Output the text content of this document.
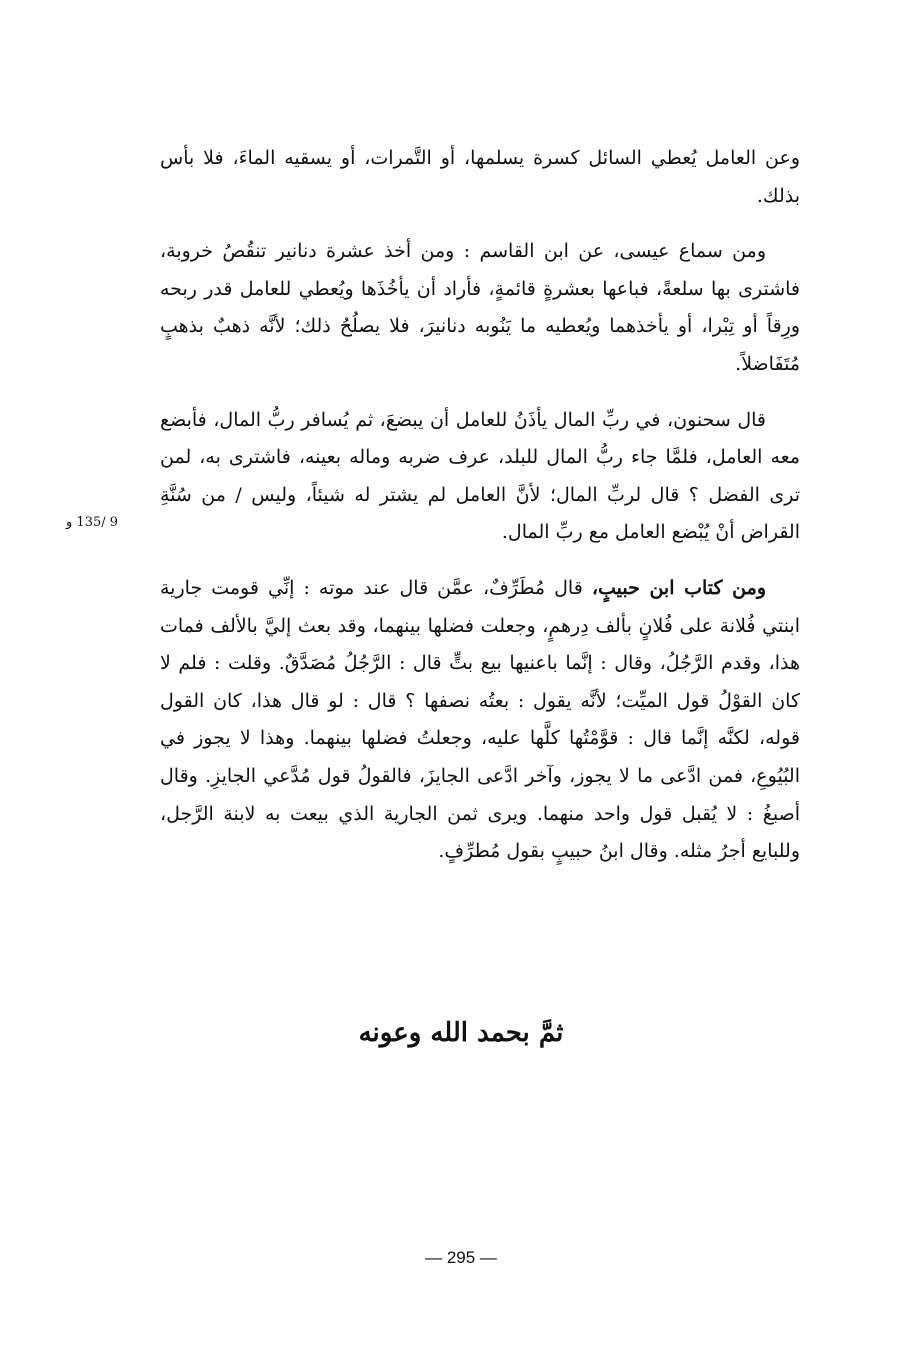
وعن العامل يُعطي السائل كسرة يسلمها، أو التَّمرات، أو يسقيه الماءَ، فلا بأس بذلك.

ومن سماع عيسى، عن ابن القاسم : ومن أخذ عشرة دنانير تنقُصُ خروبة، فاشترى بها سلعةً، فباعها بعشرةٍ قائمةٍ، فأراد أن يأخُذَها ويُعطي للعامل قدر ربحه ورِقاً أو تِبْرا، أو يأخذهما ويُعطيه ما يَنُوبه دنانيرَ، فلا يصلُحُ ذلك؛ لأنَّه ذهبٌ بذهبٍ مُتَفَاضلاً.

قال سحنون، في ربِّ المال يأذَنُ للعامل أن يبضعَ، ثم يُسافر ربُّ المال، فأبضع معه العامل، فلمَّا جاء ربُّ المال للبلد، عرف ضربه وماله بعينه، فاشترى به، لمن ترى الفضل ؟ قال لربِّ المال؛ لأنَّ العامل لم يشتر له شيئاً، وليس / من سُنَّةِ القراض أنْ يُبْضع العامل مع ربِّ المال.

ومن كتاب ابن حبيبٍ، قال مُطَرِّفٌ، عمَّن قال عند موته : إنِّي قومت جارية ابنتي فُلانة على فُلانٍ بألف دِرهمٍ، وجعلت فضلها بينهما، وقد بعث إليَّ بالألف فمات هذا، وقدم الرَّجُلُ، وقال : إنَّما باعنيها بيع بتٍّ قال : الرَّجُلُ مُصَدَّقٌ. وقلت : فلم لا كان القوْلُ قول الميِّت؛ لأنَّه يقول : بعتُه نصفها ؟ قال : لو قال هذا، كان القول قوله، لكنَّه إنَّما قال : قوَّمْتُها كلَّها عليه، وجعلتُ فضلها بينهما. وهذا لا يجوز في البُيُوعِ، فمن ادَّعى ما لا يجوز، وآخر ادَّعى الجايزَ، فالقولُ قول مُدَّعي الجايزِ. وقال أصبغُ : لا يُقبل قول واحد منهما. ويرى ثمن الجارية الذي بيعت به لابنة الرَّجل، وللبايع أجرُ مثله. وقال ابنُ حبيبٍ بقول مُطرِّفٍ.

9 /135 و
ثمَّ بحمد الله وعونه
— 295 —
